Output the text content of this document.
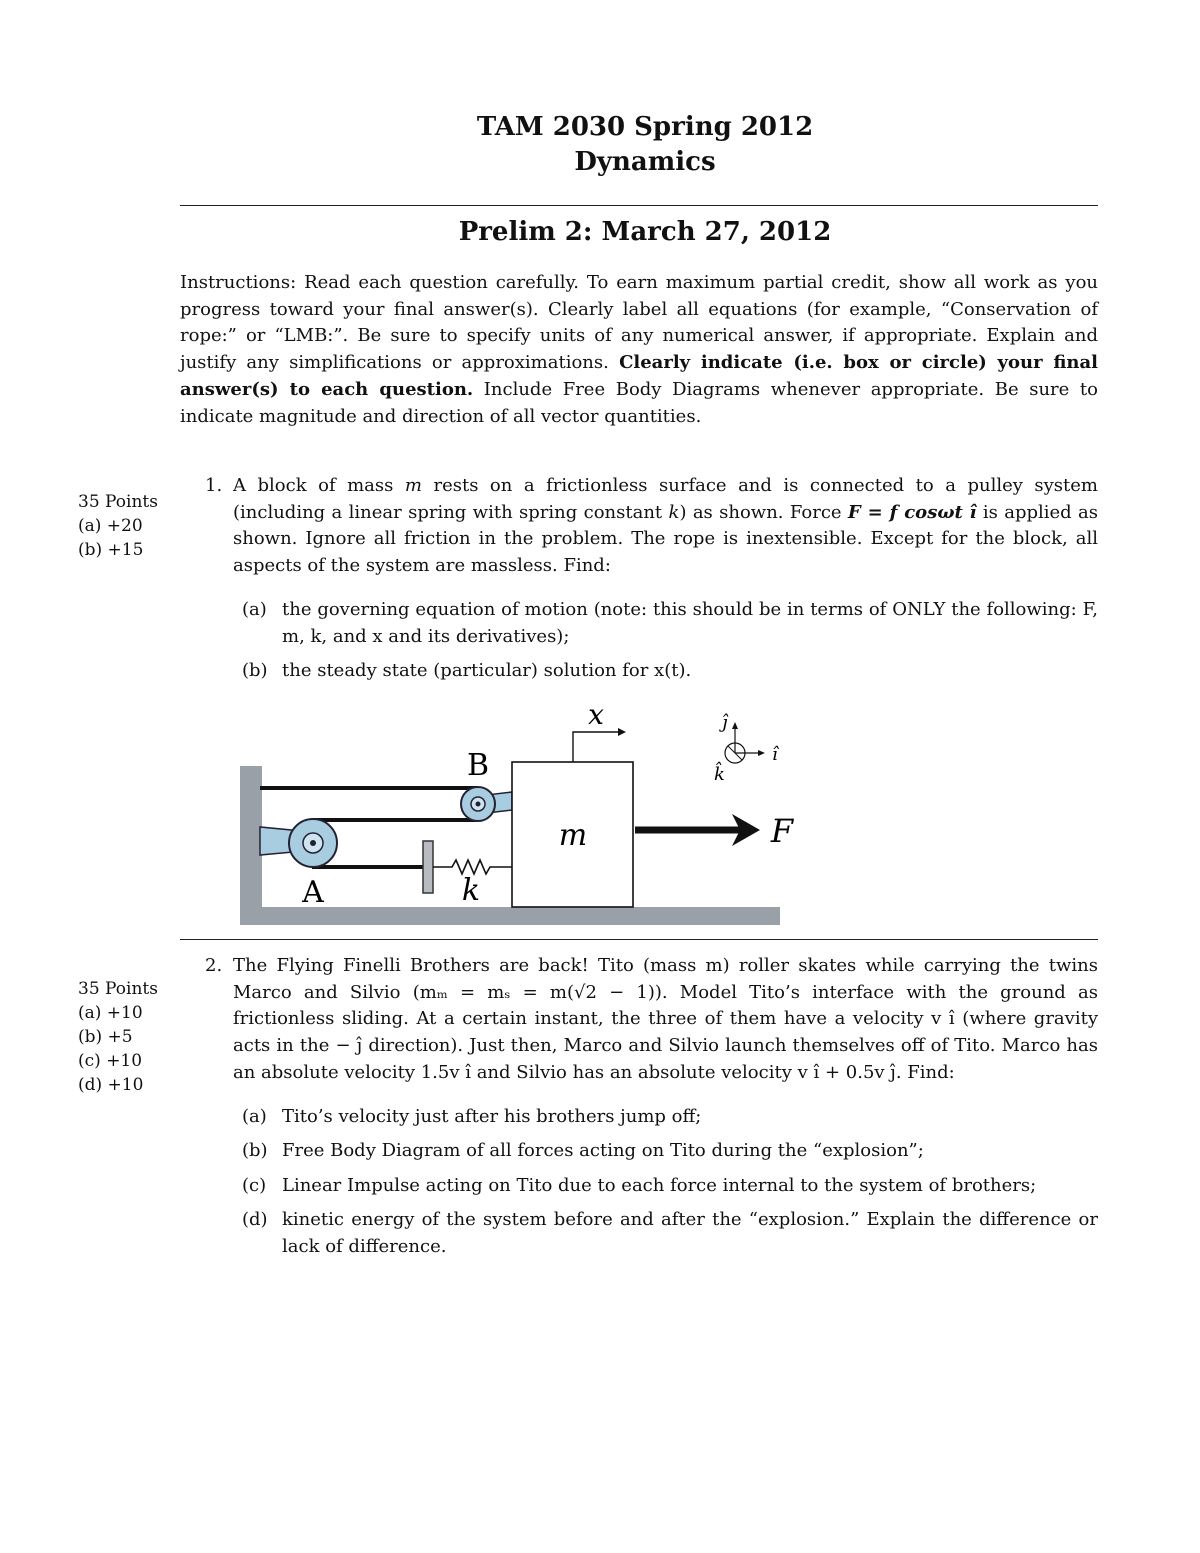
TAM 2030 Spring 2012
Dynamics
Prelim 2: March 27, 2012
Instructions: Read each question carefully. To earn maximum partial credit, show all work as you progress toward your final answer(s). Clearly label all equations (for example, “Conservation of rope:” or “LMB:”. Be sure to specify units of any numerical answer, if appropriate. Explain and justify any simplifications or approximations. Clearly indicate (i.e. box or circle) your final answer(s) to each question. Include Free Body Diagrams whenever appropriate. Be sure to indicate magnitude and direction of all vector quantities.
35 Points
(a) +20
(b) +15
1. A block of mass m rests on a frictionless surface and is connected to a pulley system (including a linear spring with spring constant k) as shown. Force F = f cosωt î is applied as shown. Ignore all friction in the problem. The rope is inextensible. Except for the block, all aspects of the system are massless. Find:
(a) the governing equation of motion (note: this should be in terms of ONLY the following: F, m, k, and x and its derivatives);
(b) the steady state (particular) solution for x(t).
x
B
A
m
k
F
î
ĵ
k̂
35 Points
(a) +10
(b) +5
(c) +10
(d) +10
2. The Flying Finelli Brothers are back! Tito (mass m) roller skates while carrying the twins Marco and Silvio (mₘ = mₛ = m(√2 − 1)). Model Tito’s interface with the ground as frictionless sliding. At a certain instant, the three of them have a velocity v î (where gravity acts in the − ĵ direction). Just then, Marco and Silvio launch themselves off of Tito. Marco has an absolute velocity 1.5v î and Silvio has an absolute velocity v î + 0.5v ĵ. Find:
(a) Tito’s velocity just after his brothers jump off;
(b) Free Body Diagram of all forces acting on Tito during the “explosion”;
(c) Linear Impulse acting on Tito due to each force internal to the system of brothers;
(d) kinetic energy of the system before and after the “explosion.” Explain the difference or lack of difference.
